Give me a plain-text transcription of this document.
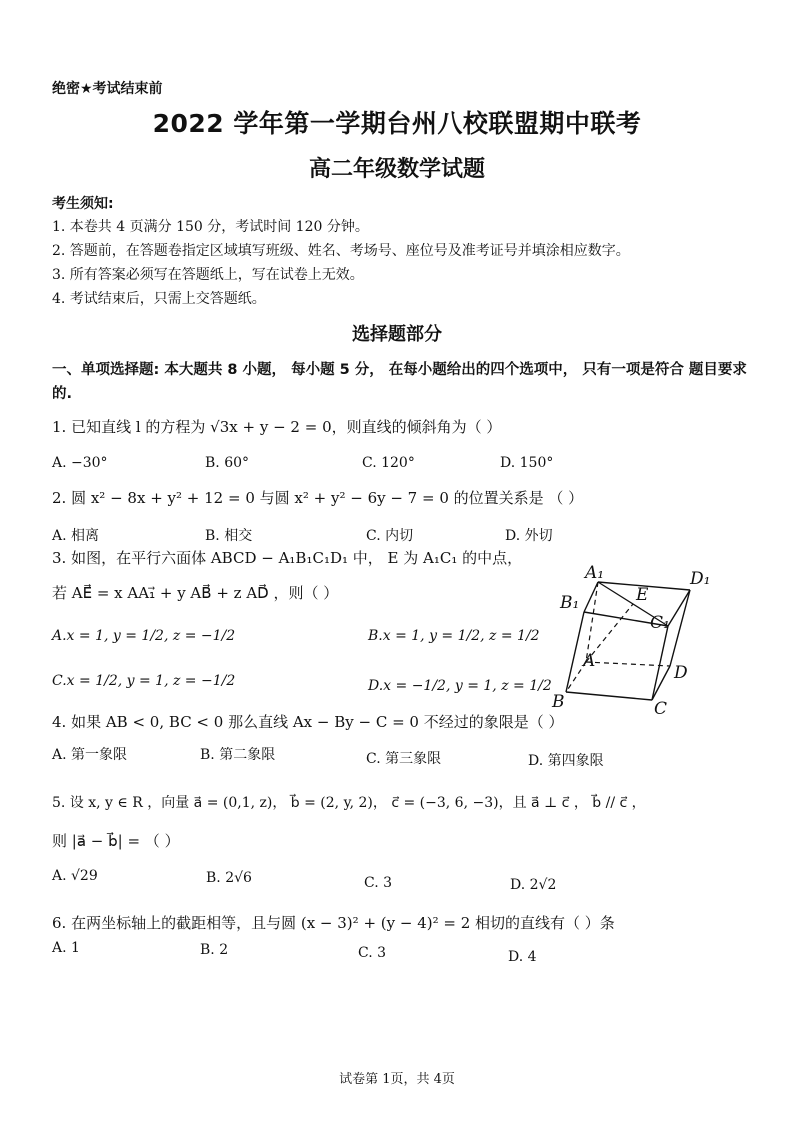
绝密★考试结束前
2022 学年第一学期台州八校联盟期中联考
高二年级数学试题
考生须知:
1. 本卷共 4 页满分 150 分，考试时间 120 分钟。
2. 答题前，在答题卷指定区域填写班级、姓名、考场号、座位号及准考证号并填涂相应数字。
3. 所有答案必须写在答题纸上，写在试卷上无效。
4. 考试结束后，只需上交答题纸。
选择题部分
一、单项选择题: 本大题共 8 小题， 每小题 5 分， 在每小题给出的四个选项中， 只有一项是符合 题目要求的.
1. 已知直线 l 的方程为 √3x + y − 2 = 0，则直线的倾斜角为（ ）
A. −30°	B. 60°	C. 120°	D. 150°
2. 圆 x² − 8x + y² + 12 = 0 与圆 x² + y² − 6y − 7 = 0 的位置关系是 （ ）
A. 相离	B. 相交	C. 内切	D. 外切
3. 如图，在平行六面体 ABCD − A₁B₁C₁D₁ 中， E 为 A₁C₁ 的中点，
若 AE⃗ = x AA₁⃗ + y AB⃗ + z AD⃗ ，则（ ）
A.x = 1, y = 1/2, z = −1/2	B.x = 1, y = 1/2, z = 1/2
C.x = 1/2, y = 1, z = −1/2	D.x = −1/2, y = 1, z = 1/2
A₁	D₁
B₁	E
C₁
A
D
B	C
4. 如果 AB < 0, BC < 0 那么直线 Ax − By − C = 0 不经过的象限是（ ）
A. 第一象限	B. 第二象限	C. 第三象限	D. 第四象限
5. 设 x, y ∈ R ，向量 a⃗ = (0,1, z)， b⃗ = (2, y, 2)， c⃗ = (−3, 6, −3)，且 a⃗ ⊥ c⃗ ， b⃗ // c⃗ ，
则 |a⃗ − b⃗| = （ ）
A. √29	B. 2√6	C. 3	D. 2√2
6. 在两坐标轴上的截距相等，且与圆 (x − 3)² + (y − 4)² = 2 相切的直线有（ ）条
A. 1	B. 2	C. 3	D. 4
试卷第 1页，共 4页
